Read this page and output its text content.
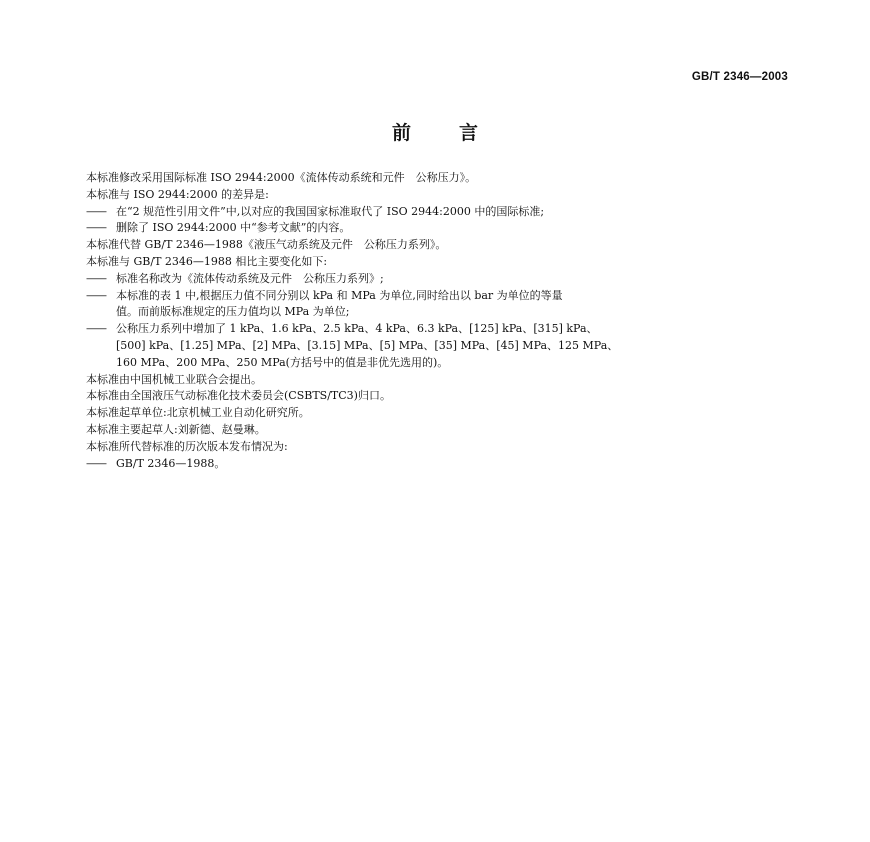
GB/T 2346—2003
前	言
本标准修改采用国际标准 ISO 2944:2000《流体传动系统和元件　公称压力》。
本标准与 ISO 2944:2000 的差异是:
—— 在“2 规范性引用文件”中,以对应的我国国家标准取代了 ISO 2944:2000 中的国际标准;
—— 删除了 ISO 2944:2000 中“参考文献”的内容。
本标准代替 GB/T 2346—1988《液压气动系统及元件　公称压力系列》。
本标准与 GB/T 2346—1988 相比主要变化如下:
—— 标准名称改为《流体传动系统及元件　公称压力系列》;
—— 本标准的表 1 中,根据压力值不同分别以 kPa 和 MPa 为单位,同时给出以 bar 为单位的等量
值。而前版标准规定的压力值均以 MPa 为单位;
—— 公称压力系列中增加了 1 kPa、1.6 kPa、2.5 kPa、4 kPa、6.3 kPa、[125] kPa、[315] kPa、
[500] kPa、[1.25] MPa、[2] MPa、[3.15] MPa、[5] MPa、[35] MPa、[45] MPa、125 MPa、
160 MPa、200 MPa、250 MPa(方括号中的值是非优先选用的)。
本标准由中国机械工业联合会提出。
本标准由全国液压气动标准化技术委员会(CSBTS/TC3)归口。
本标准起草单位:北京机械工业自动化研究所。
本标准主要起草人:刘新德、赵曼琳。
本标准所代替标准的历次版本发布情况为:
—— GB/T 2346—1988。
